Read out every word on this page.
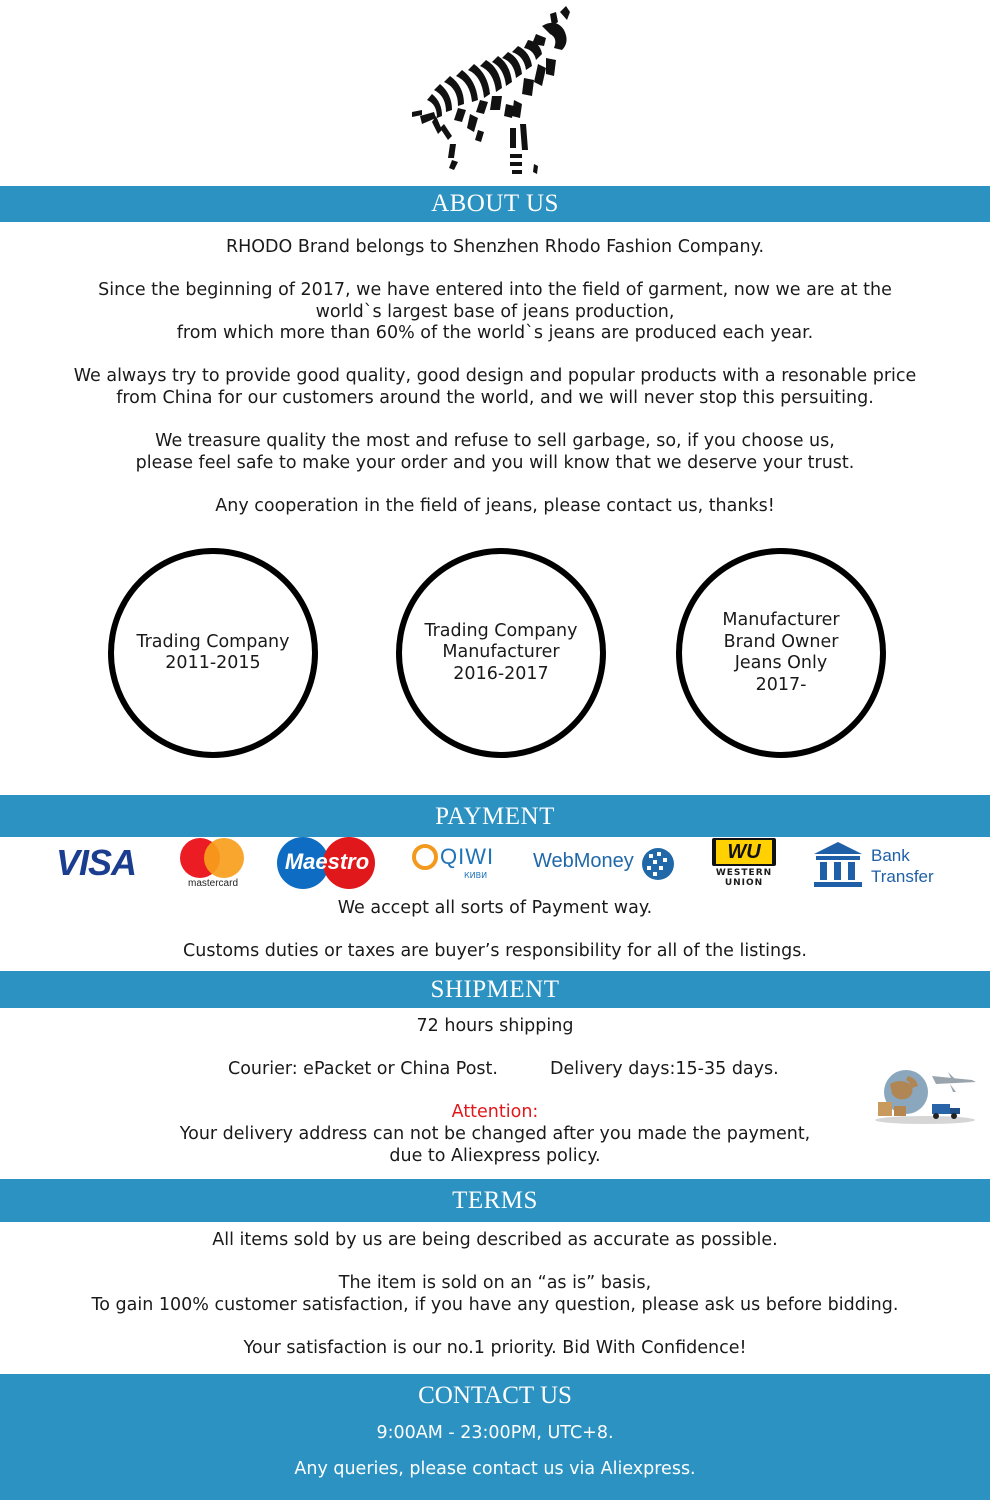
ABOUT US
RHODO Brand belongs to Shenzhen Rhodo Fashion Company.

Since the beginning of 2017, we have entered into the field of garment, now we are at the

world`s largest base of jeans production,

from which more than 60% of the world`s jeans are produced each year.

We always try to provide good quality, good design and popular products with a resonable price

from China for our customers around the world, and we will never stop this persuiting.

We treasure quality the most and refuse to sell garbage, so, if you choose us,

please feel safe to make your order and you will know that we deserve your trust.

Any cooperation in the field of jeans, please contact us, thanks!
Trading Company
2011-2015
Trading Company
Manufacturer
2016-2017
Manufacturer
Brand Owner
Jeans Only
2017-
PAYMENT
VISA
mastercard
Maestro	QIWI
КИВИ
WebMoney	WU
WESTERN
UNION
Bank
Transfer
We accept all sorts of Payment way.
Customs duties or taxes are buyer’s responsibility for all of the listings.
SHIPMENT
72 hours shipping
Courier: ePacket or China Post.	Delivery days:15-35 days.
Attention:

Your delivery address can not be changed after you made the payment,

due to Aliexpress policy.

TERMS
All items sold by us are being described as accurate as possible.

The item is sold on an “as is” basis,

To gain 100% customer satisfaction, if you have any question, please ask us before bidding.

Your satisfaction is our no.1 priority. Bid With Confidence!
CONTACT US
9:00AM - 23:00PM, UTC+8.
Any queries, please contact us via Aliexpress.
